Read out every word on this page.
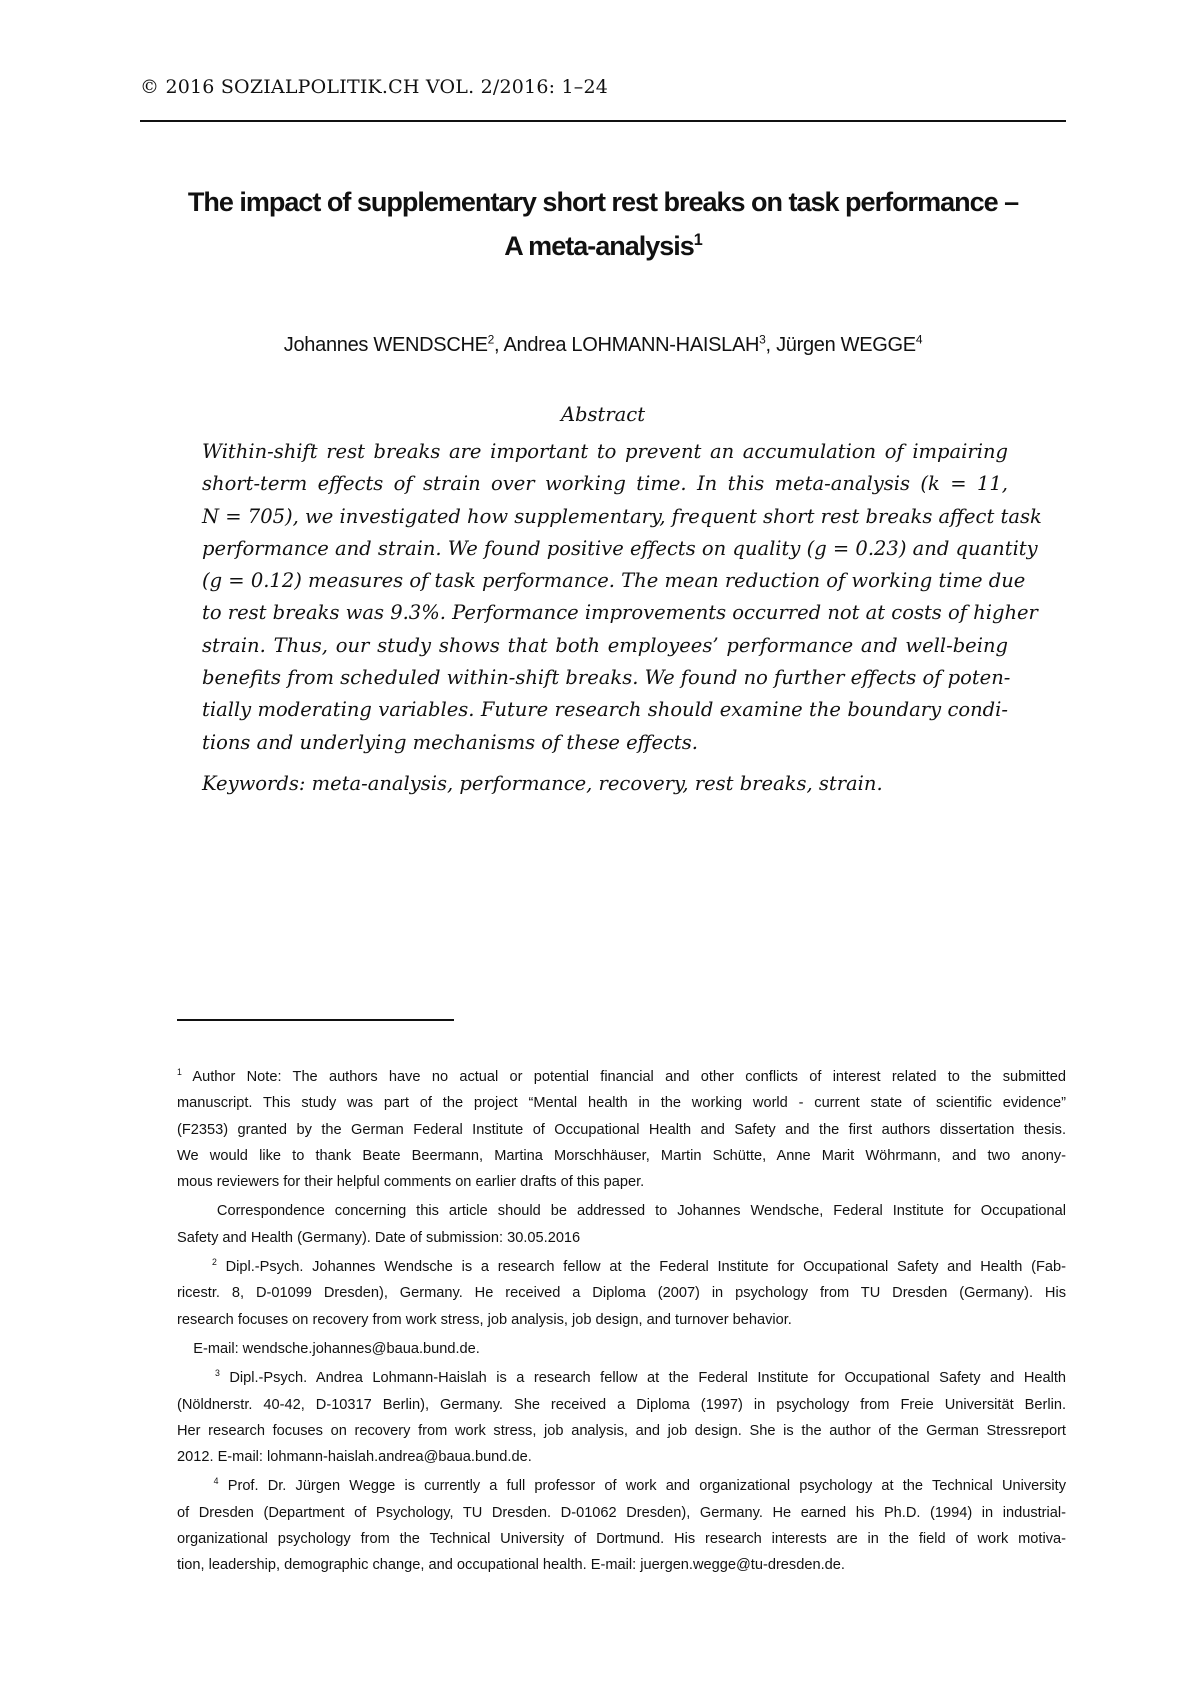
© 2016 SOZIALPOLITIK.CH VOL. 2/2016: 1–24
The impact of supplementary short rest breaks on task performance –
A meta-analysis$^1$
Johannes WENDSCHE$^2$, Andrea LOHMANN-HAISLAH$^3$, Jürgen WEGGE$^4$
Abstract
Within-shift rest breaks are important to prevent an accumulation of impairing
short-term effects of strain over working time. In this meta-analysis (k = 11,
N = 705), we investigated how supplementary, frequent short rest breaks affect task
performance and strain. We found positive effects on quality (g = 0.23) and quantity
(g = 0.12) measures of task performance. The mean reduction of working time due
to rest breaks was 9.3%. Performance improvements occurred not at costs of higher
strain. Thus, our study shows that both employees’ performance and well-being
benefits from scheduled within-shift breaks. We found no further effects of poten-
tially moderating variables. Future research should examine the boundary condi-
tions and underlying mechanisms of these effects.
Keywords: meta-analysis, performance, recovery, rest breaks, strain.
$^1$ Author Note: The authors have no actual or potential financial and other conflicts of interest related to the submitted
manuscript. This study was part of the project “Mental health in the working world - current state of scientific evidence”
(F2353) granted by the German Federal Institute of Occupational Health and Safety and the first authors dissertation thesis.
We would like to thank Beate Beermann, Martina Morschhäuser, Martin Schütte, Anne Marit Wöhrmann, and two anony-
mous reviewers for their helpful comments on earlier drafts of this paper.
Correspondence concerning this article should be addressed to Johannes Wendsche, Federal Institute for Occupational
Safety and Health (Germany). Date of submission: 30.05.2016
$^2$ Dipl.-Psych. Johannes Wendsche is a research fellow at the Federal Institute for Occupational Safety and Health (Fab-
ricestr. 8, D-01099 Dresden), Germany. He received a Diploma (2007) in psychology from TU Dresden (Germany). His
research focuses on recovery from work stress, job analysis, job design, and turnover behavior.
E-mail: wendsche.johannes@baua.bund.de.
$^3$ Dipl.-Psych. Andrea Lohmann-Haislah is a research fellow at the Federal Institute for Occupational Safety and Health
(Nöldnerstr. 40-42, D-10317 Berlin), Germany. She received a Diploma (1997) in psychology from Freie Universität Berlin.
Her research focuses on recovery from work stress, job analysis, and job design. She is the author of the German Stressreport
2012. E-mail: lohmann-haislah.andrea@baua.bund.de.
$^4$ Prof. Dr. Jürgen Wegge is currently a full professor of work and organizational psychology at the Technical University
of Dresden (Department of Psychology, TU Dresden. D-01062 Dresden), Germany. He earned his Ph.D. (1994) in industrial-
organizational psychology from the Technical University of Dortmund. His research interests are in the field of work motiva-
tion, leadership, demographic change, and occupational health. E-mail: juergen.wegge@tu-dresden.de.
